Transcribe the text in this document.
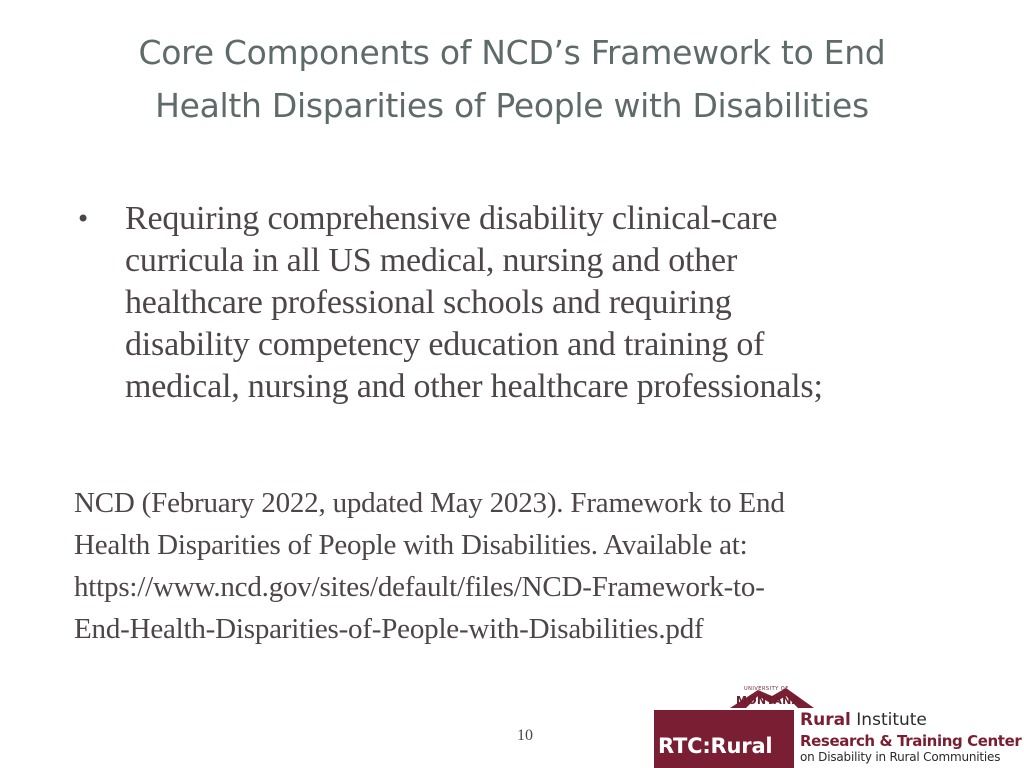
Core Components of NCD’s Framework to End
Health Disparities of People with Disabilities
• Requiring comprehensive disability clinical-care
curricula in all US medical, nursing and other
healthcare professional schools and requiring
disability competency education and training of
medical, nursing and other healthcare professionals;

NCD (February 2022, updated May 2023). Framework to End
Health Disparities of People with Disabilities. Available at:
https://www.ncd.gov/sites/default/files/NCD-Framework-to-
End-Health-Disparities-of-People-with-Disabilities.pdf

10
UNIVERSITY OF
MONTANA
RTC:Rural
Rural Institute
Research & Training Center
on Disability in Rural Communities
